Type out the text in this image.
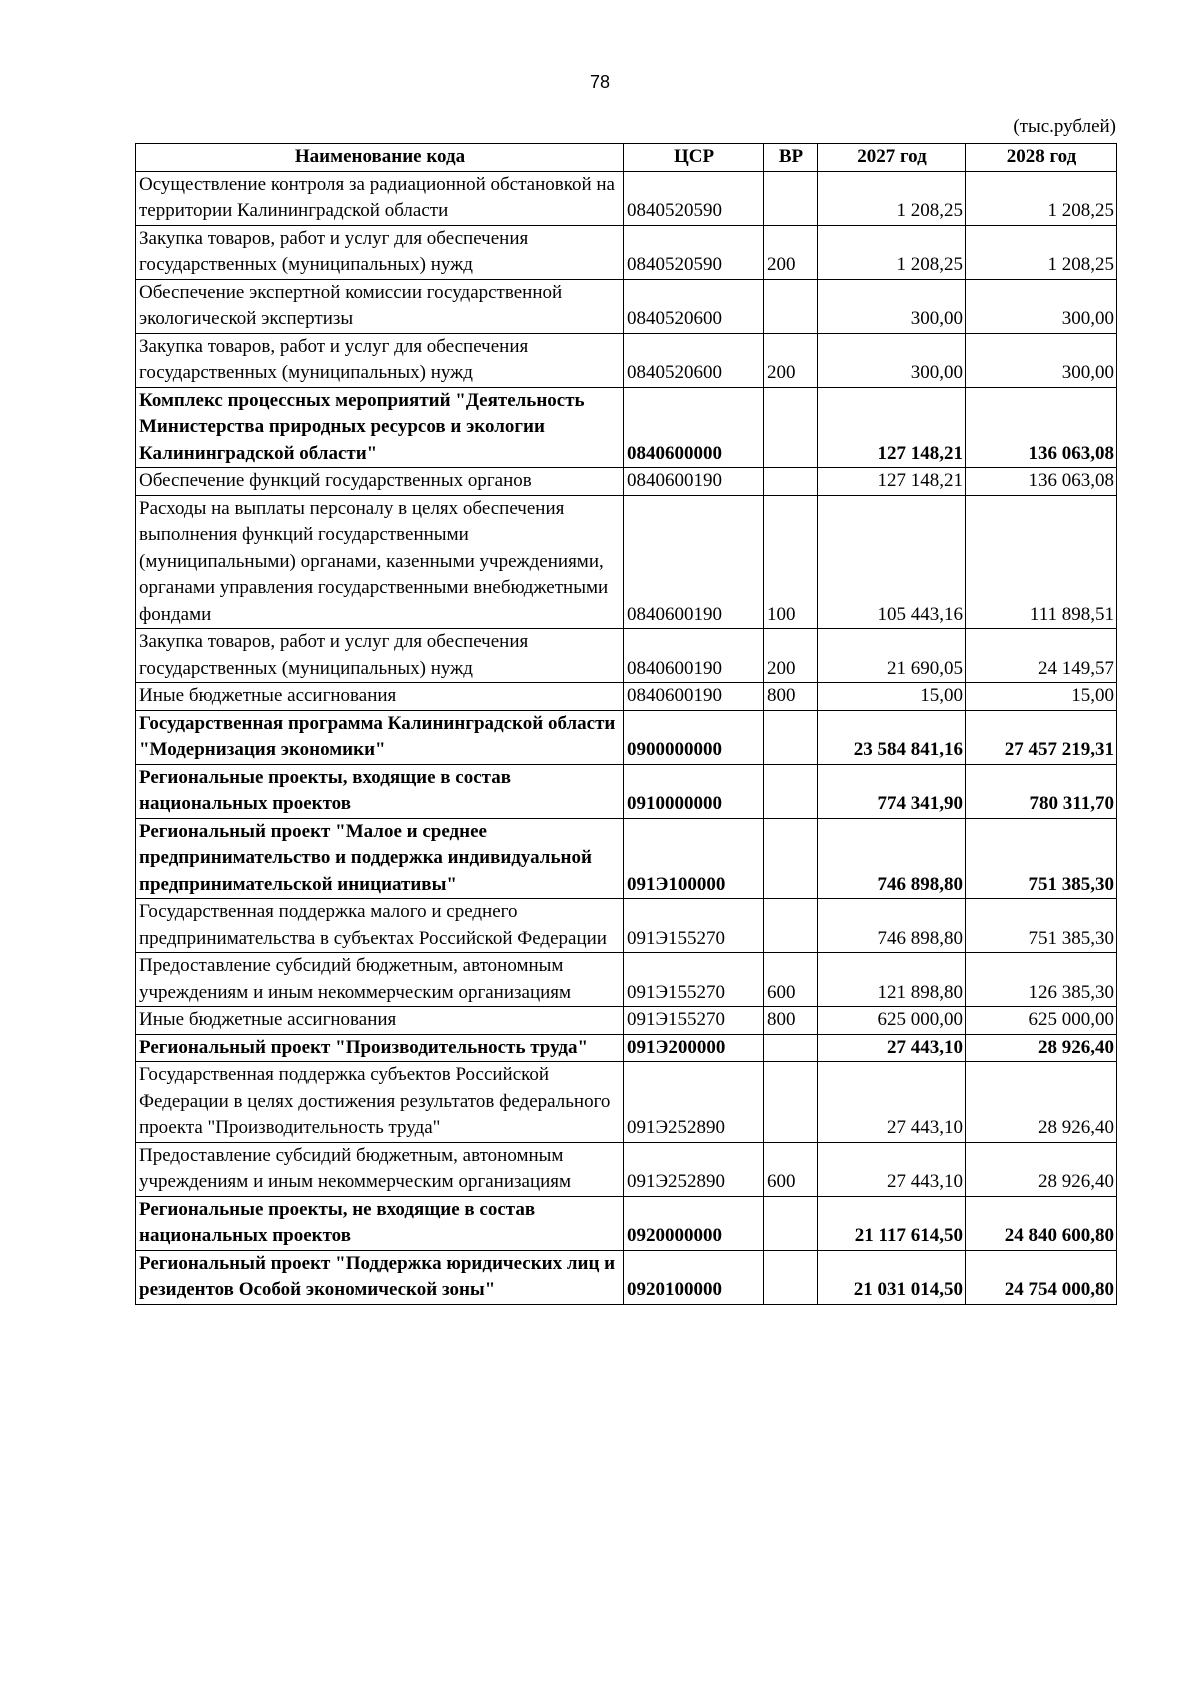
78
(тыс.рублей)
Наименование кода	ЦСР	ВР	2027 год	2028 год
Осуществление контроля за радиационной обстановкой на территории Калининградской области	0840520590		1 208,25	1 208,25
Закупка товаров, работ и услуг для обеспечения государственных (муниципальных) нужд	0840520590	200	1 208,25	1 208,25
Обеспечение экспертной комиссии государственной экологической экспертизы	0840520600		300,00	300,00
Закупка товаров, работ и услуг для обеспечения государственных (муниципальных) нужд	0840520600	200	300,00	300,00
Комплекс процессных мероприятий "Деятельность Министерства природных ресурсов и экологии Калининградской области"	0840600000		127 148,21	136 063,08
Обеспечение функций государственных органов	0840600190		127 148,21	136 063,08
Расходы на выплаты персоналу в целях обеспечения выполнения функций государственными (муниципальными) органами, казенными учреждениями, органами управления государственными внебюджетными фондами	0840600190	100	105 443,16	111 898,51
Закупка товаров, работ и услуг для обеспечения государственных (муниципальных) нужд	0840600190	200	21 690,05	24 149,57
Иные бюджетные ассигнования	0840600190	800	15,00	15,00
Государственная программа Калининградской области "Модернизация экономики"	0900000000		23 584 841,16	27 457 219,31
Региональные проекты, входящие в состав национальных проектов	0910000000		774 341,90	780 311,70
Региональный проект "Малое и среднее предпринимательство и поддержка индивидуальной предпринимательской инициативы"	091Э100000		746 898,80	751 385,30
Государственная поддержка малого и среднего предпринимательства в субъектах Российской Федерации	091Э155270		746 898,80	751 385,30
Предоставление субсидий бюджетным, автономным учреждениям и иным некоммерческим организациям	091Э155270	600	121 898,80	126 385,30
Иные бюджетные ассигнования	091Э155270	800	625 000,00	625 000,00
Региональный проект "Производительность труда"	091Э200000		27 443,10	28 926,40
Государственная поддержка субъектов Российской Федерации в целях достижения результатов федерального проекта "Производительность труда"	091Э252890		27 443,10	28 926,40
Предоставление субсидий бюджетным, автономным учреждениям и иным некоммерческим организациям	091Э252890	600	27 443,10	28 926,40
Региональные проекты, не входящие в состав национальных проектов	0920000000		21 117 614,50	24 840 600,80
Региональный проект "Поддержка юридических лиц и резидентов Особой экономической зоны"	0920100000		21 031 014,50	24 754 000,80
